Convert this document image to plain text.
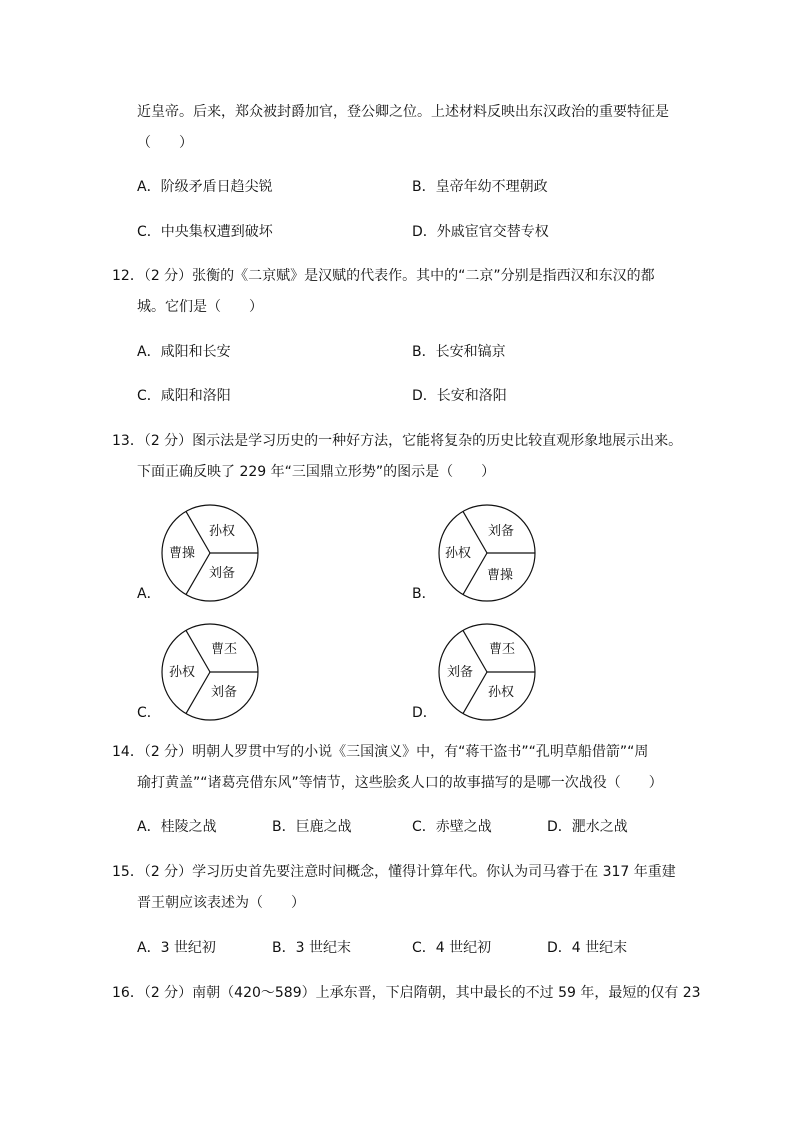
近皇帝。后来，郑众被封爵加官，登公卿之位。上述材料反映出东汉政治的重要特征是
（　　）
A．阶级矛盾日趋尖锐	B．皇帝年幼不理朝政
C．中央集权遭到破坏	D．外戚宦官交替专权
12．（2 分）张衡的《二京赋》是汉赋的代表作。其中的“二京”分别是指西汉和东汉的都
城。它们是（　　）
A．咸阳和长安	B．长安和镐京
C．咸阳和洛阳	D．长安和洛阳
13．（2 分）图示法是学习历史的一种好方法，它能将复杂的历史比较直观形象地展示出来。
下面正确反映了 229 年“三国鼎立形势”的图示是（　　）
孙权
曹操
刘备
A．
刘备
孙权
曹操
B．
曹丕
孙权
刘备
C．
曹丕
刘备
孙权
D．
14．（2 分）明朝人罗贯中写的小说《三国演义》中，有“蒋干盗书”“孔明草船借箭”“周
瑜打黄盖”“诸葛亮借东风”等情节，这些脍炙人口的故事描写的是哪一次战役（　　）
A．桂陵之战	B．巨鹿之战	C．赤壁之战	D．淝水之战
15．（2 分）学习历史首先要注意时间概念，懂得计算年代。你认为司马睿于在 317 年重建
晋王朝应该表述为（　　）
A．3 世纪初	B．3 世纪末	C．4 世纪初	D．4 世纪末
16．（2 分）南朝（420～589）上承东晋，下启隋朝，其中最长的不过 59 年，最短的仅有 23
